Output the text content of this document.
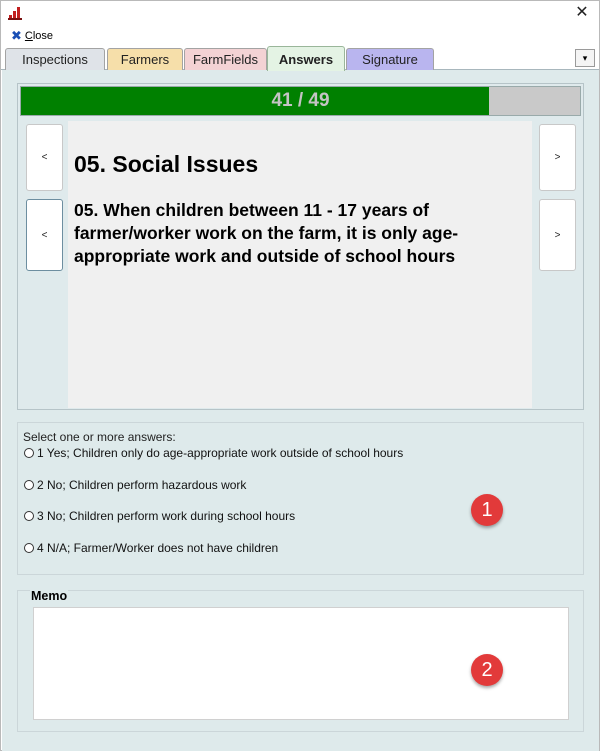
✕
✖ Close
Inspections	Farmers	FarmFields	Answers	Signature	▾
41 / 49
<
<
>
>
05. Social Issues
05. When children between 11 - 17 years of farmer/worker work on the farm, it is only age-appropriate work and outside of school hours
Select one or more answers:
1 Yes; Children only do age-appropriate work outside of school hours
2 No; Children perform hazardous work
3 No; Children perform work during school hours
4 N/A; Farmer/Worker does not have children
Memo
1
2
